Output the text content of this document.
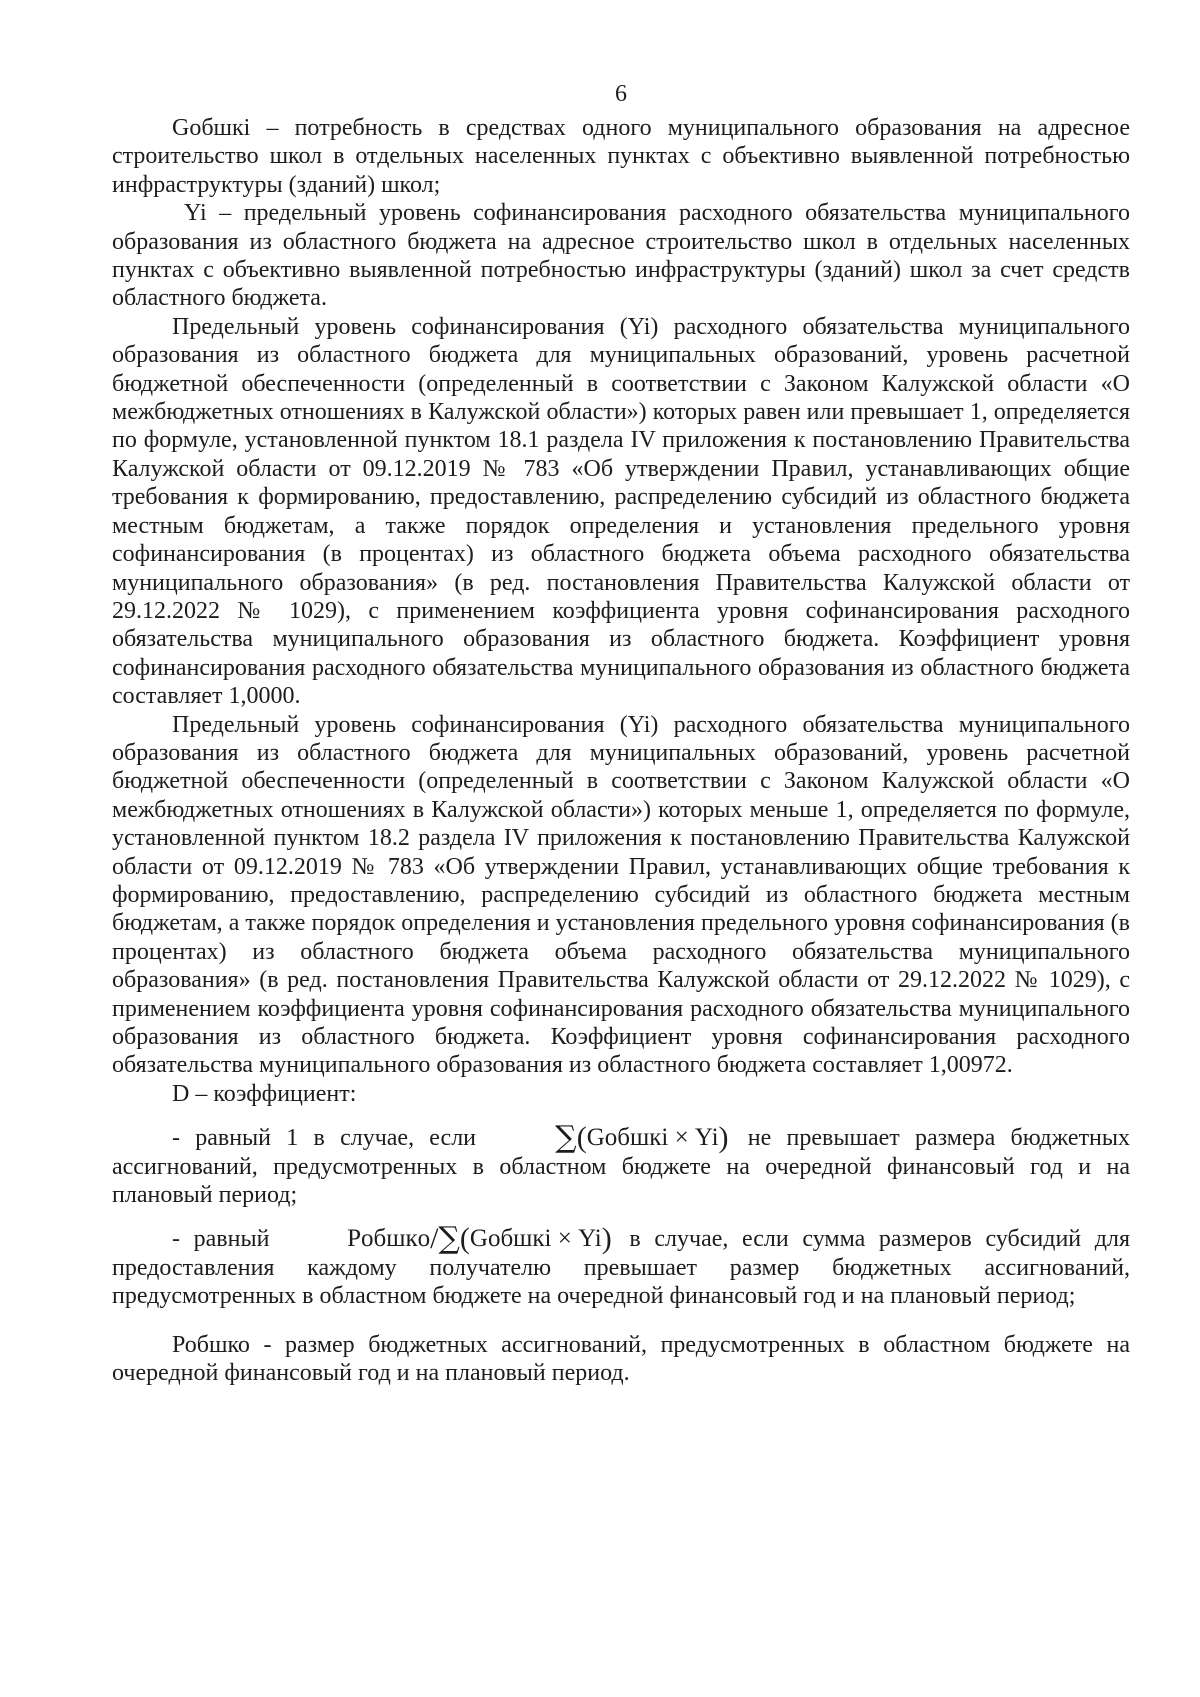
6

Gобшкі – потребность в средствах одного муниципального образования на адресное строительство школ в отдельных населенных пунктах с объективно выявленной потребностью инфраструктуры (зданий) школ;

Yi – предельный уровень софинансирования расходного обязательства муниципального образования из областного бюджета на адресное строительство школ в отдельных населенных пунктах с объективно выявленной потребностью инфраструктуры (зданий) школ за счет средств областного бюджета.

Предельный уровень софинансирования (Yi) расходного обязательства муниципального образования из областного бюджета для муниципальных образований, уровень расчетной бюджетной обеспеченности (определенный в соответствии с Законом Калужской области «О межбюджетных отношениях в Калужской области») которых равен или превышает 1, определяется по формуле, установленной пунктом 18.1 раздела IV приложения к постановлению Правительства Калужской области от 09.12.2019 № 783 «Об утверждении Правил, устанавливающих общие требования к формированию, предоставлению, распределению субсидий из областного бюджета местным бюджетам, а также порядок определения и установления предельного уровня софинансирования (в процентах) из областного бюджета объема расходного обязательства муниципального образования» (в ред. постановления Правительства Калужской области от 29.12.2022 № 1029), с применением коэффициента уровня софинансирования расходного обязательства муниципального образования из областного бюджета. Коэффициент уровня софинансирования расходного обязательства муниципального образования из областного бюджета составляет 1,0000.

Предельный уровень софинансирования (Yi) расходного обязательства муниципального образования из областного бюджета для муниципальных образований, уровень расчетной бюджетной обеспеченности (определенный в соответствии с Законом Калужской области «О межбюджетных отношениях в Калужской области») которых меньше 1, определяется по формуле, установленной пунктом 18.2 раздела IV приложения к постановлению Правительства Калужской области от 09.12.2019 № 783 «Об утверждении Правил, устанавливающих общие требования к формированию, предоставлению, распределению субсидий из областного бюджета местным бюджетам, а также порядок определения и установления предельного уровня софинансирования (в процентах) из областного бюджета объема расходного обязательства муниципального образования» (в ред. постановления Правительства Калужской области от 29.12.2022 № 1029), с применением коэффициента уровня софинансирования расходного обязательства муниципального образования из областного бюджета. Коэффициент уровня софинансирования расходного обязательства муниципального образования из областного бюджета составляет 1,00972.

D – коэффициент:

- равный 1 в случае, если	∑(Gобшкі × Yi) не превышает размера бюджетных ассигнований, предусмотренных в областном бюджете на очередной финансовый год и на плановый период;

- равный	Рoбшкo/∑(Gобшкі × Yi) в случае, если сумма размеров субсидий для предоставления каждому получателю превышает размер бюджетных ассигнований, предусмотренных в областном бюджете на очередной финансовый год и на плановый период;

Робшко - размер бюджетных ассигнований, предусмотренных в областном бюджете на очередной финансовый год и на плановый период.
